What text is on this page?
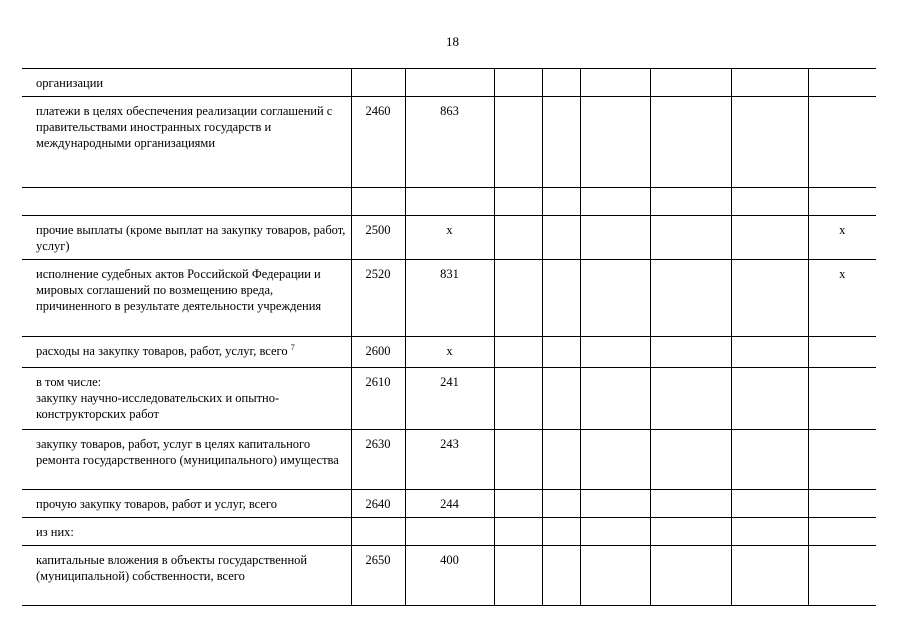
18
организации								
платежи в целях обеспечения реализации соглашений с правительствами иностранных государств и международными организациями	2460	863						

прочие выплаты (кроме выплат на закупку товаров, работ, услуг)	2500	х						х
исполнение судебных актов Российской Федерации и мировых соглашений по возмещению вреда, причиненного в результате деятельности учреждения	2520	831						х
расходы на закупку товаров, работ, услуг, всего $^7$	2600	х						

в том числе:
закупку научно-исследовательских и опытно-конструкторских работ	2610	241						
закупку товаров, работ, услуг в целях капитального ремонта государственного (муниципального) имущества	2630	243						
прочую закупку товаров, работ и услуг, всего	2640	244						
из них:								
капитальные вложения в объекты государственной (муниципальной) собственности, всего	2650	400						
